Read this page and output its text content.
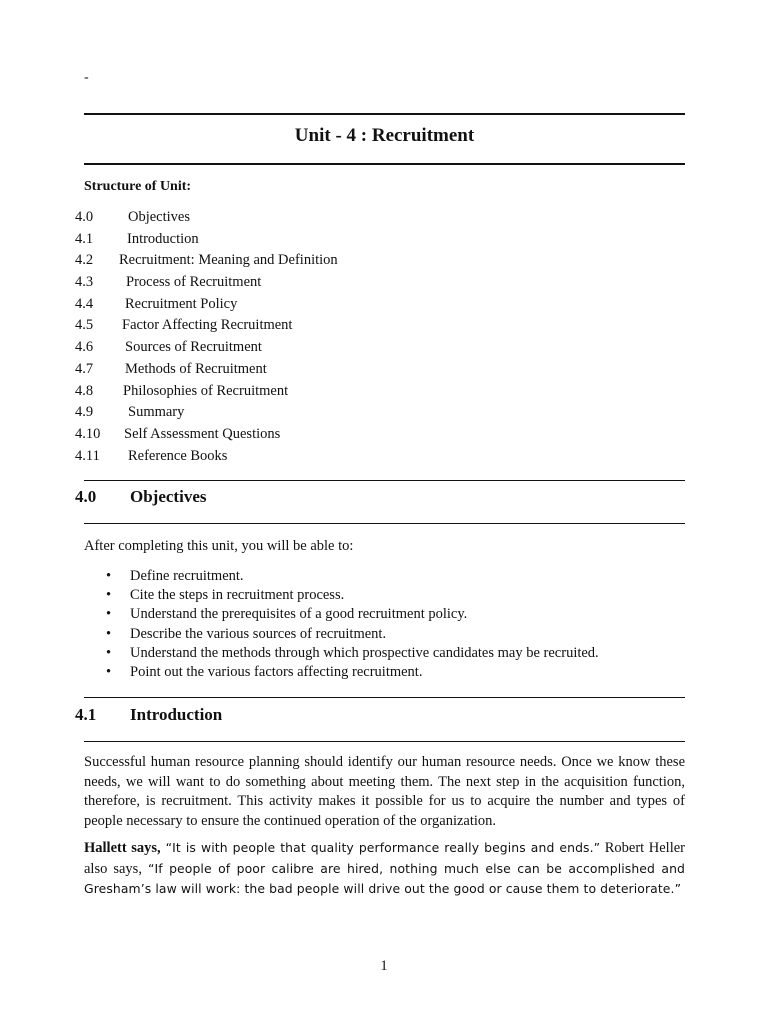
-
Unit - 4 : Recruitment
Structure of Unit:
4.0 Objectives
4.1 Introduction
4.2 Recruitment: Meaning and Definition
4.3 Process of Recruitment
4.4 Recruitment Policy
4.5 Factor Affecting Recruitment
4.6 Sources of Recruitment
4.7 Methods of Recruitment
4.8 Philosophies of Recruitment
4.9 Summary
4.10 Self Assessment Questions
4.11 Reference Books
4.0 Objectives
After completing this unit, you will be able to:
• Define recruitment.
• Cite the steps in recruitment process.
• Understand the prerequisites of a good recruitment policy.
• Describe the various sources of recruitment.
• Understand the methods through which prospective candidates may be recruited.
• Point out the various factors affecting recruitment.
4.1 Introduction

Successful human resource planning should identify our human resource needs. Once we know these needs, we will want to do something about meeting them. The next step in the acquisition function, therefore, is recruitment. This activity makes it possible for us to acquire the number and types of people necessary to ensure the continued operation of the organization.

Hallett says, “It is with people that quality performance really begins and ends.” Robert Heller also says, “If people of poor calibre are hired, nothing much else can be accomplished and Gresham’s law will work: the bad people will drive out the good or cause them to deteriorate.”

1
